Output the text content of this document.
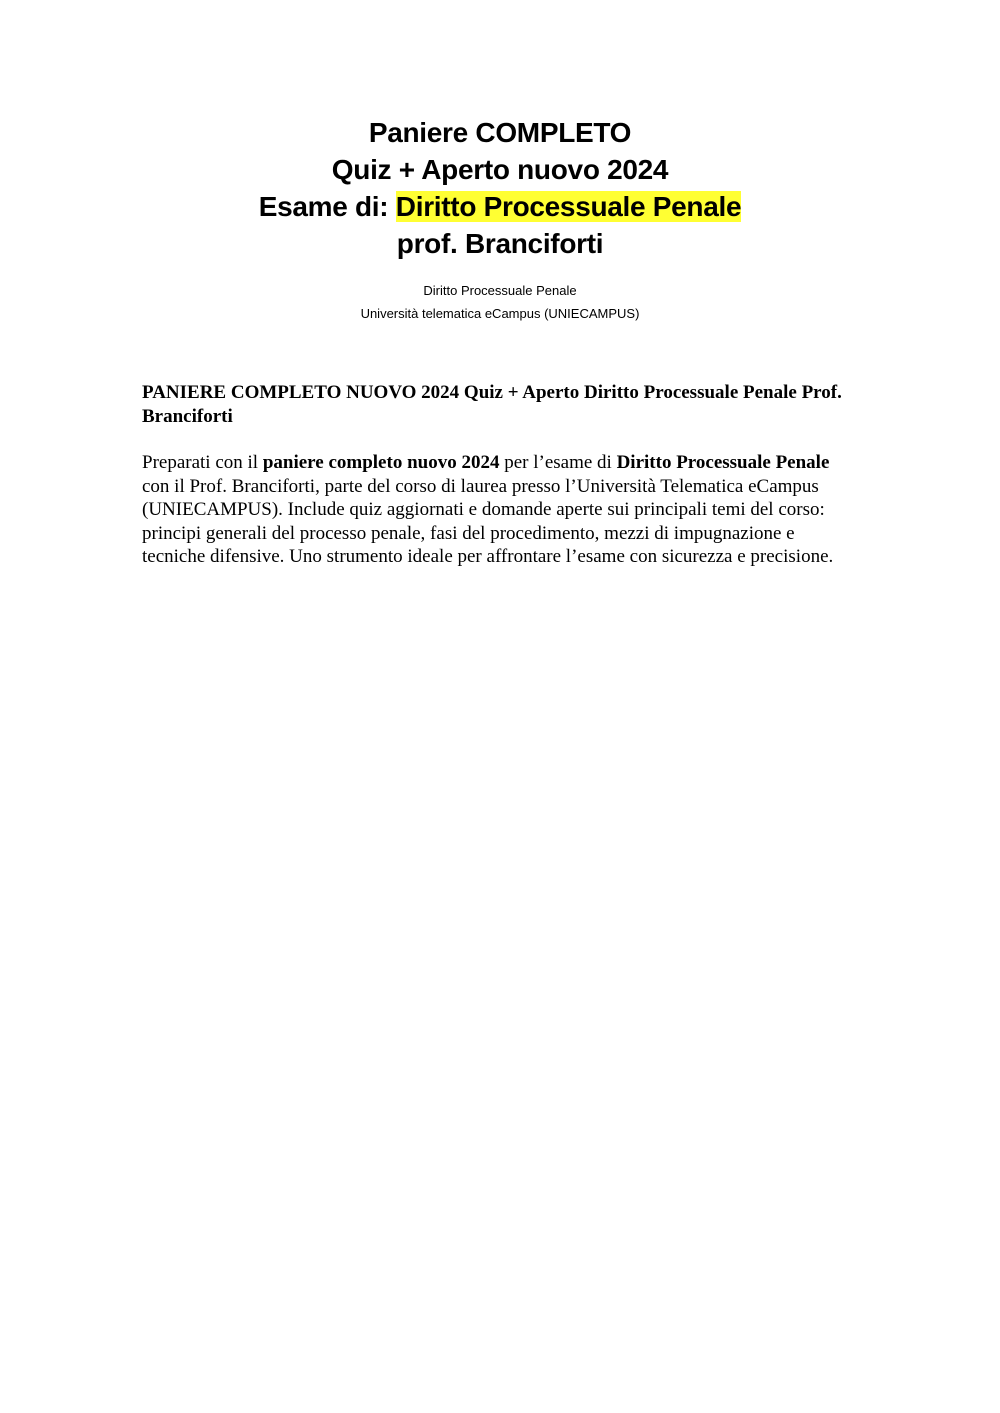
Paniere COMPLETO
Quiz + Aperto nuovo 2024
Esame di: Diritto Processuale Penale
prof. Branciforti
Diritto Processuale Penale
Università telematica eCampus (UNIECAMPUS)

PANIERE COMPLETO NUOVO 2024 Quiz + Aperto Diritto Processuale Penale Prof. Branciforti

Preparati con il paniere completo nuovo 2024 per l’esame di Diritto Processuale Penale con il Prof. Branciforti, parte del corso di laurea presso l’Università Telematica eCampus (UNIECAMPUS). Include quiz aggiornati e domande aperte sui principali temi del corso: principi generali del processo penale, fasi del procedimento, mezzi di impugnazione e tecniche difensive. Uno strumento ideale per affrontare l’esame con sicurezza e precisione.
